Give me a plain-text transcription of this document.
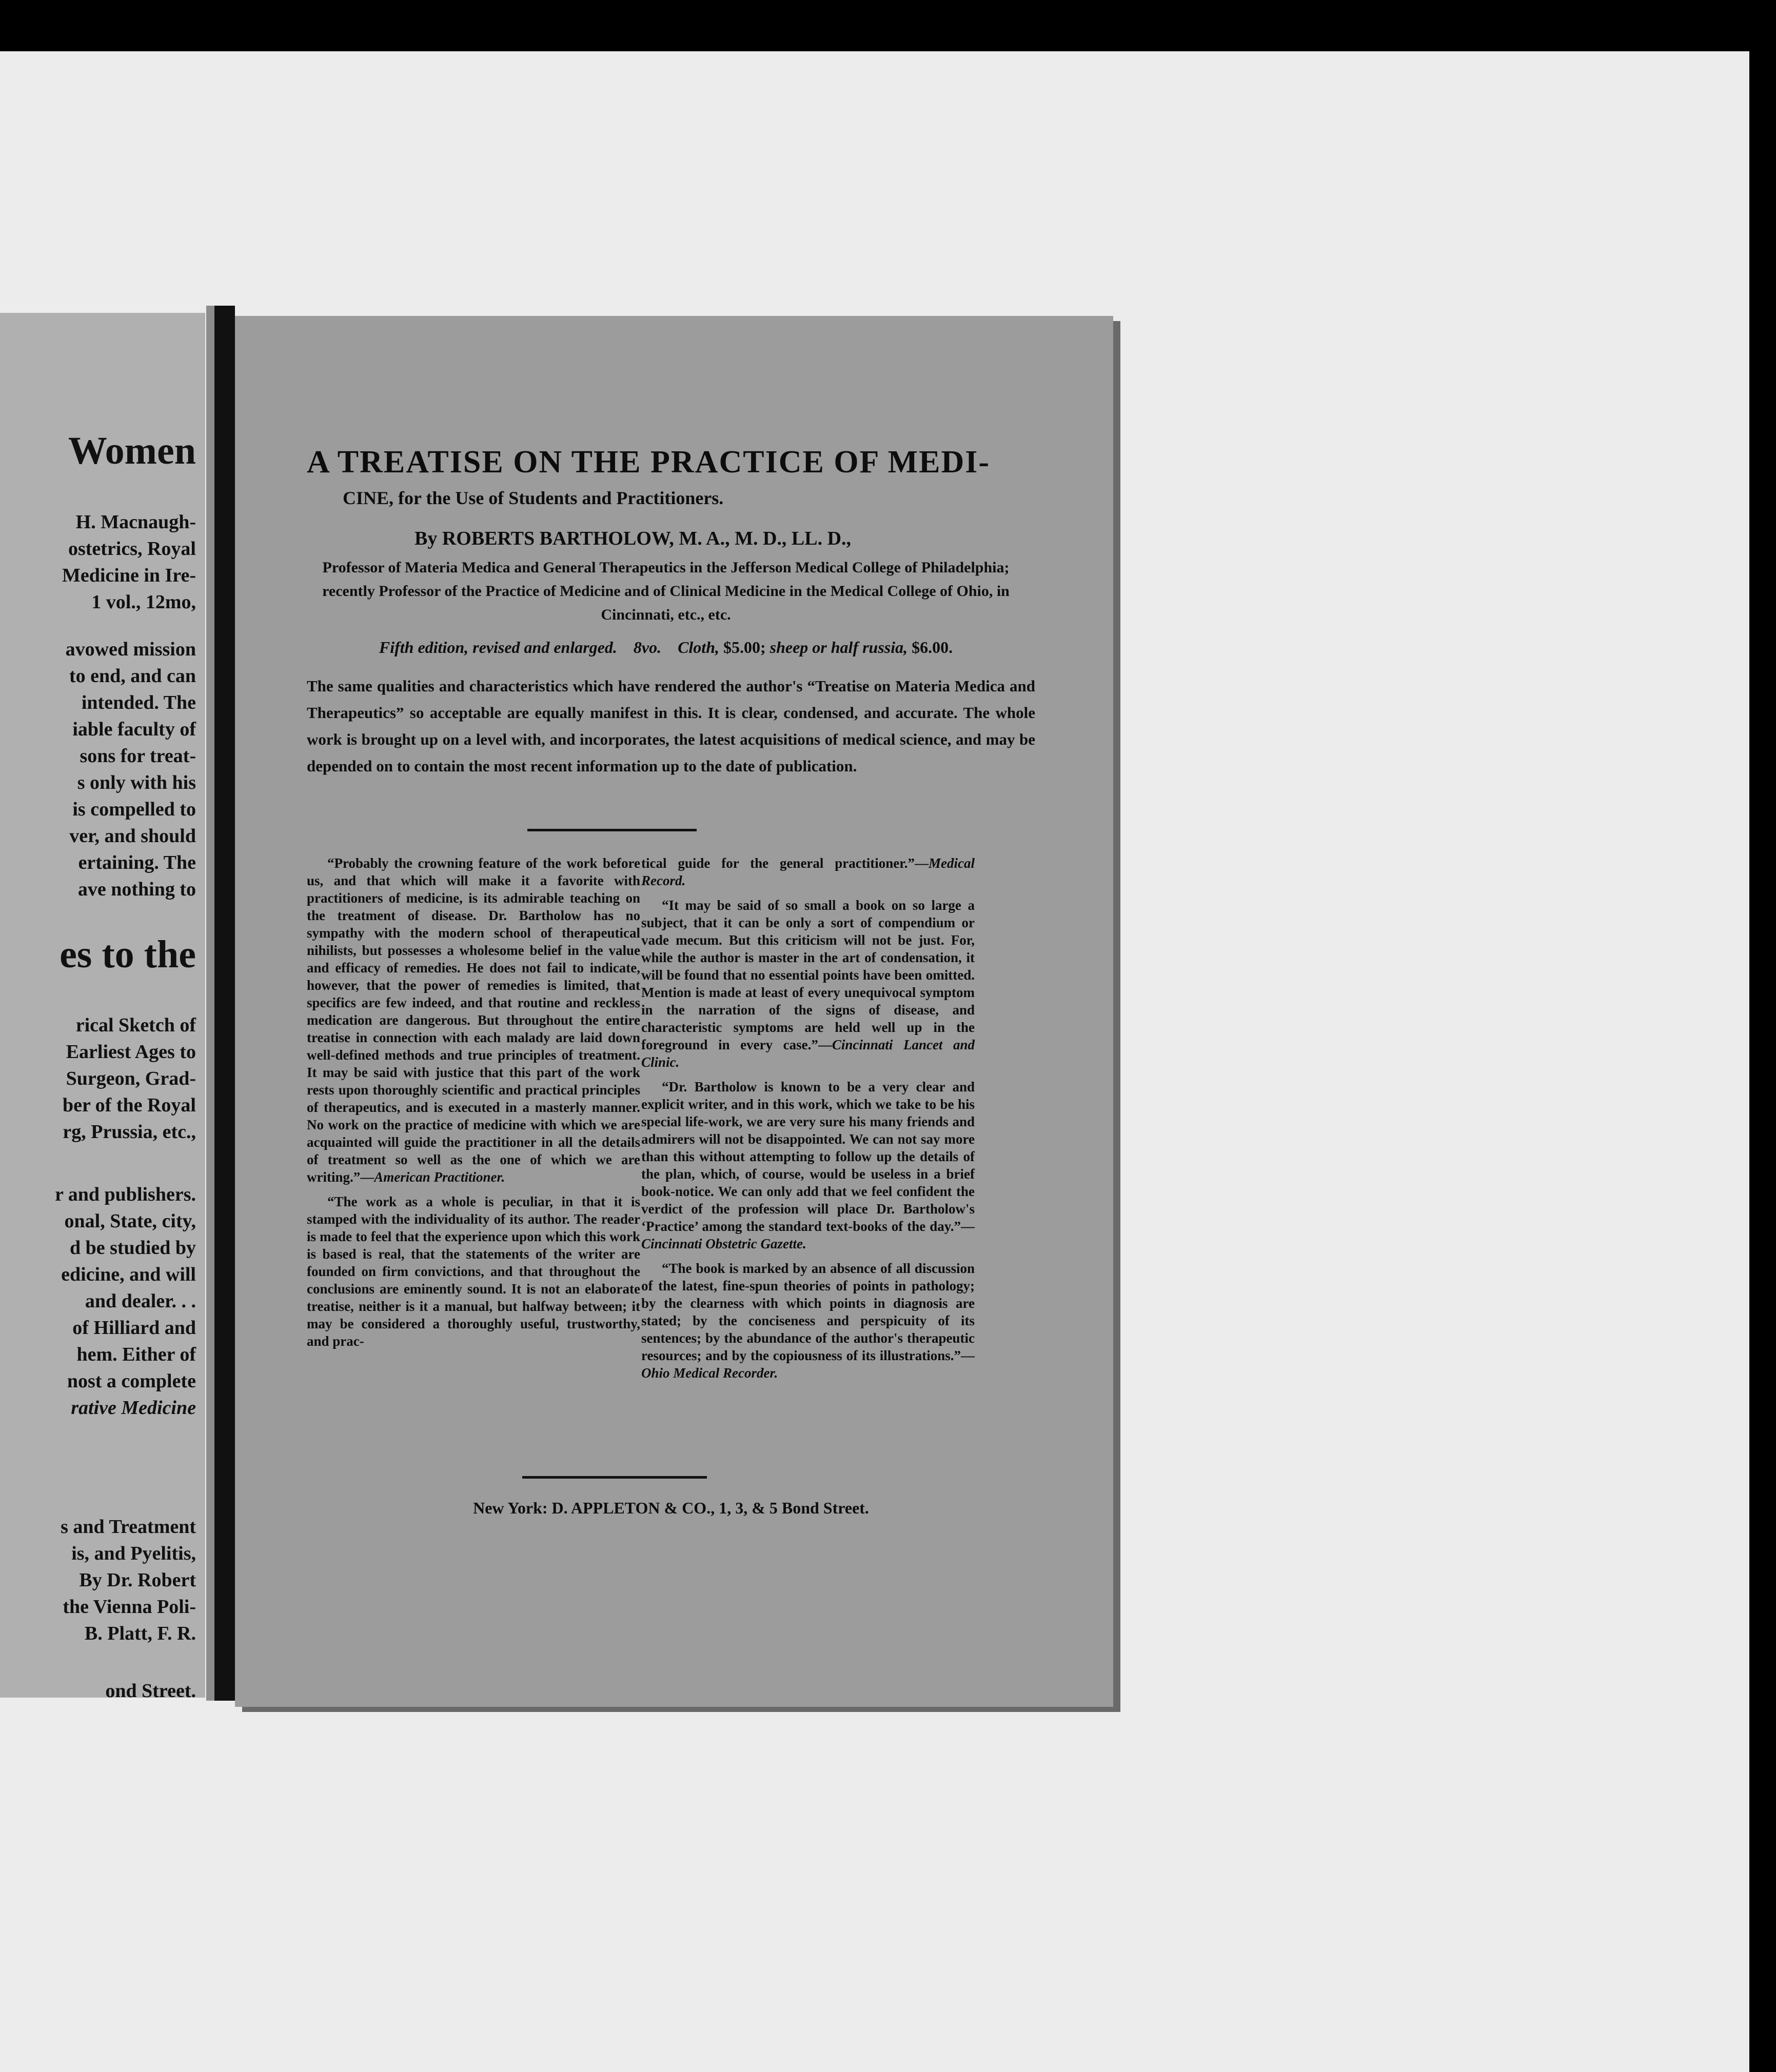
Women
H. Macnaugh-
ostetrics, Royal
Medicine in Ire-
1 vol., 12mo,
avowed mission
to end, and can
intended. The
iable faculty of
sons for treat-
s only with his
is compelled to
ver, and should
ertaining. The
ave nothing to
es to the
rical Sketch of
Earliest Ages to
Surgeon, Grad-
ber of the Royal
rg, Prussia, etc.,
r and publishers.
onal, State, city,
d be studied by
edicine, and will
and dealer. . .
of Hilliard and
hem. Either of
nost a complete
rative Medicine
s and Treatment
is, and Pyelitis,
By Dr. Robert
the Vienna Poli-
B. Platt, F. R.
ond Street.
A TREATISE ON THE PRACTICE OF MEDI-
CINE, for the Use of Students and Practitioners.
By ROBERTS BARTHOLOW, M. A., M. D., LL. D.,
Professor of Materia Medica and General Therapeutics in the Jefferson Medical College of Philadelphia; recently Professor of the Practice of Medicine and of Clinical Medicine in the Medical College of Ohio, in Cincinnati, etc., etc.
Fifth edition, revised and enlarged. 8vo. Cloth, $5.00; sheep or half russia, $6.00.
The same qualities and characteristics which have rendered the author's “Treatise on Materia Medica and Therapeutics” so acceptable are equally manifest in this. It is clear, condensed, and accurate. The whole work is brought up on a level with, and incorporates, the latest acquisitions of medical science, and may be depended on to contain the most recent information up to the date of publication.

“Probably the crowning feature of the work before us, and that which will make it a favorite with practitioners of medicine, is its admirable teaching on the treatment of disease. Dr. Bartholow has no sympathy with the modern school of therapeutical nihilists, but possesses a wholesome belief in the value and efficacy of remedies. He does not fail to indicate, however, that the power of remedies is limited, that specifics are few indeed, and that routine and reckless medication are dangerous. But throughout the entire treatise in connection with each malady are laid down well-defined methods and true principles of treatment. It may be said with justice that this part of the work rests upon thoroughly scientific and practical principles of therapeutics, and is executed in a masterly manner. No work on the practice of medicine with which we are acquainted will guide the practitioner in all the details of treatment so well as the one of which we are writing.”—American Practitioner.

“The work as a whole is peculiar, in that it is stamped with the individuality of its author. The reader is made to feel that the experience upon which this work is based is real, that the statements of the writer are founded on firm convictions, and that throughout the conclusions are eminently sound. It is not an elaborate treatise, neither is it a manual, but halfway between; it may be considered a thoroughly useful, trustworthy, and prac-

tical guide for the general practitioner.”—Medical Record.

“It may be said of so small a book on so large a subject, that it can be only a sort of compendium or vade mecum. But this criticism will not be just. For, while the author is master in the art of condensation, it will be found that no essential points have been omitted. Mention is made at least of every unequivocal symptom in the narration of the signs of disease, and characteristic symptoms are held well up in the foreground in every case.”—Cincinnati Lancet and Clinic.

“Dr. Bartholow is known to be a very clear and explicit writer, and in this work, which we take to be his special life-work, we are very sure his many friends and admirers will not be disappointed. We can not say more than this without attempting to follow up the details of the plan, which, of course, would be useless in a brief book-notice. We can only add that we feel confident the verdict of the profession will place Dr. Bartholow's ‘Practice’ among the standard text-books of the day.”—Cincinnati Obstetric Gazette.

“The book is marked by an absence of all discussion of the latest, fine-spun theories of points in pathology; by the clearness with which points in diagnosis are stated; by the conciseness and perspicuity of its sentences; by the abundance of the author's therapeutic resources; and by the copiousness of its illustrations.”—Ohio Medical Recorder.

New York: D. APPLETON & CO., 1, 3, & 5 Bond Street.
